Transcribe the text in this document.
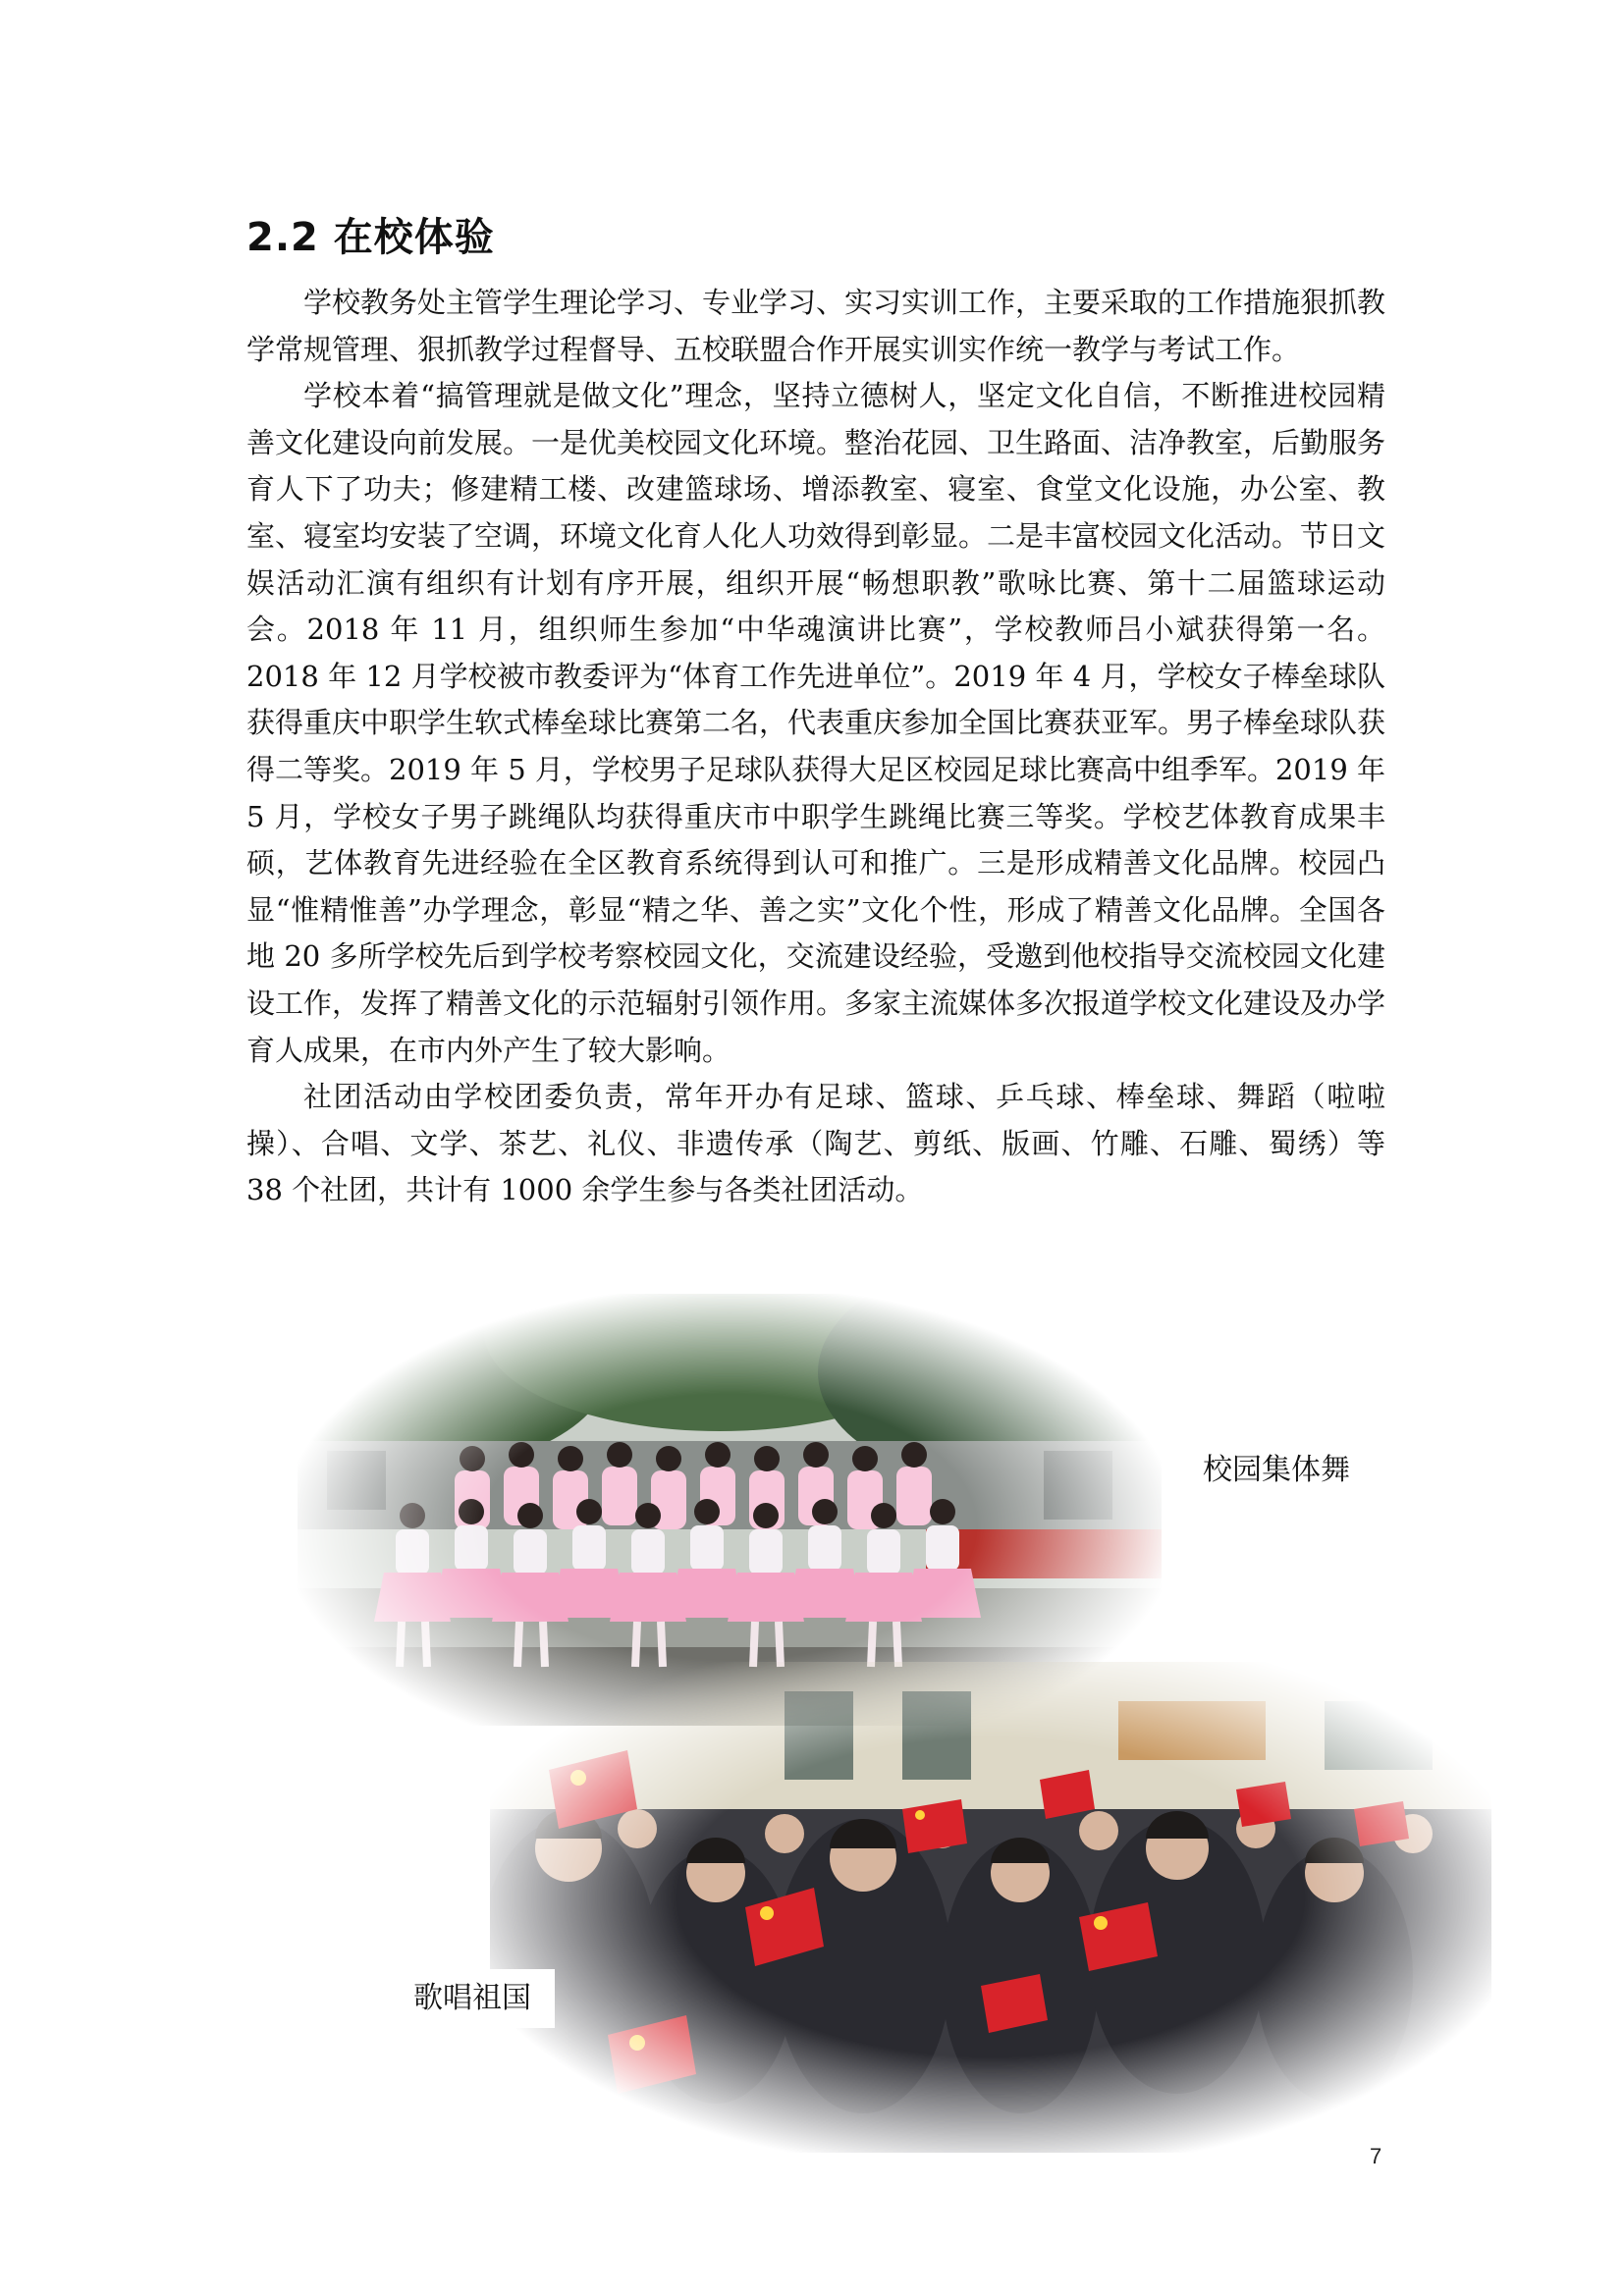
2.2 在校体验

学校教务处主管学生理论学习、专业学习、实习实训工作，主要采取的工作措施狠抓教学常规管理、狠抓教学过程督导、五校联盟合作开展实训实作统一教学与考试工作。

学校本着“搞管理就是做文化”理念，坚持立德树人，坚定文化自信，不断推进校园精善文化建设向前发展。一是优美校园文化环境。整治花园、卫生路面、洁净教室，后勤服务育人下了功夫；修建精工楼、改建篮球场、增添教室、寝室、食堂文化设施，办公室、教室、寝室均安装了空调，环境文化育人化人功效得到彰显。二是丰富校园文化活动。节日文娱活动汇演有组织有计划有序开展，组织开展“畅想职教”歌咏比赛、第十二届篮球运动会。2018 年 11 月，组织师生参加“中华魂演讲比赛”，学校教师吕小斌获得第一名。2018 年 12 月学校被市教委评为“体育工作先进单位”。2019 年 4 月，学校女子棒垒球队获得重庆中职学生软式棒垒球比赛第二名，代表重庆参加全国比赛获亚军。男子棒垒球队获得二等奖。2019 年 5 月，学校男子足球队获得大足区校园足球比赛高中组季军。2019 年 5 月，学校女子男子跳绳队均获得重庆市中职学生跳绳比赛三等奖。学校艺体教育成果丰硕，艺体教育先进经验在全区教育系统得到认可和推广。三是形成精善文化品牌。校园凸显“惟精惟善”办学理念，彰显“精之华、善之实”文化个性，形成了精善文化品牌。全国各地 20 多所学校先后到学校考察校园文化，交流建设经验，受邀到他校指导交流校园文化建设工作，发挥了精善文化的示范辐射引领作用。多家主流媒体多次报道学校文化建设及办学育人成果，在市内外产生了较大影响。

社团活动由学校团委负责，常年开办有足球、篮球、乒乓球、棒垒球、舞蹈（啦啦操）、合唱、文学、茶艺、礼仪、非遗传承（陶艺、剪纸、版画、竹雕、石雕、蜀绣）等 38 个社团，共计有 1000 余学生参与各类社团活动。

校园集体舞
歌唱祖国
7
